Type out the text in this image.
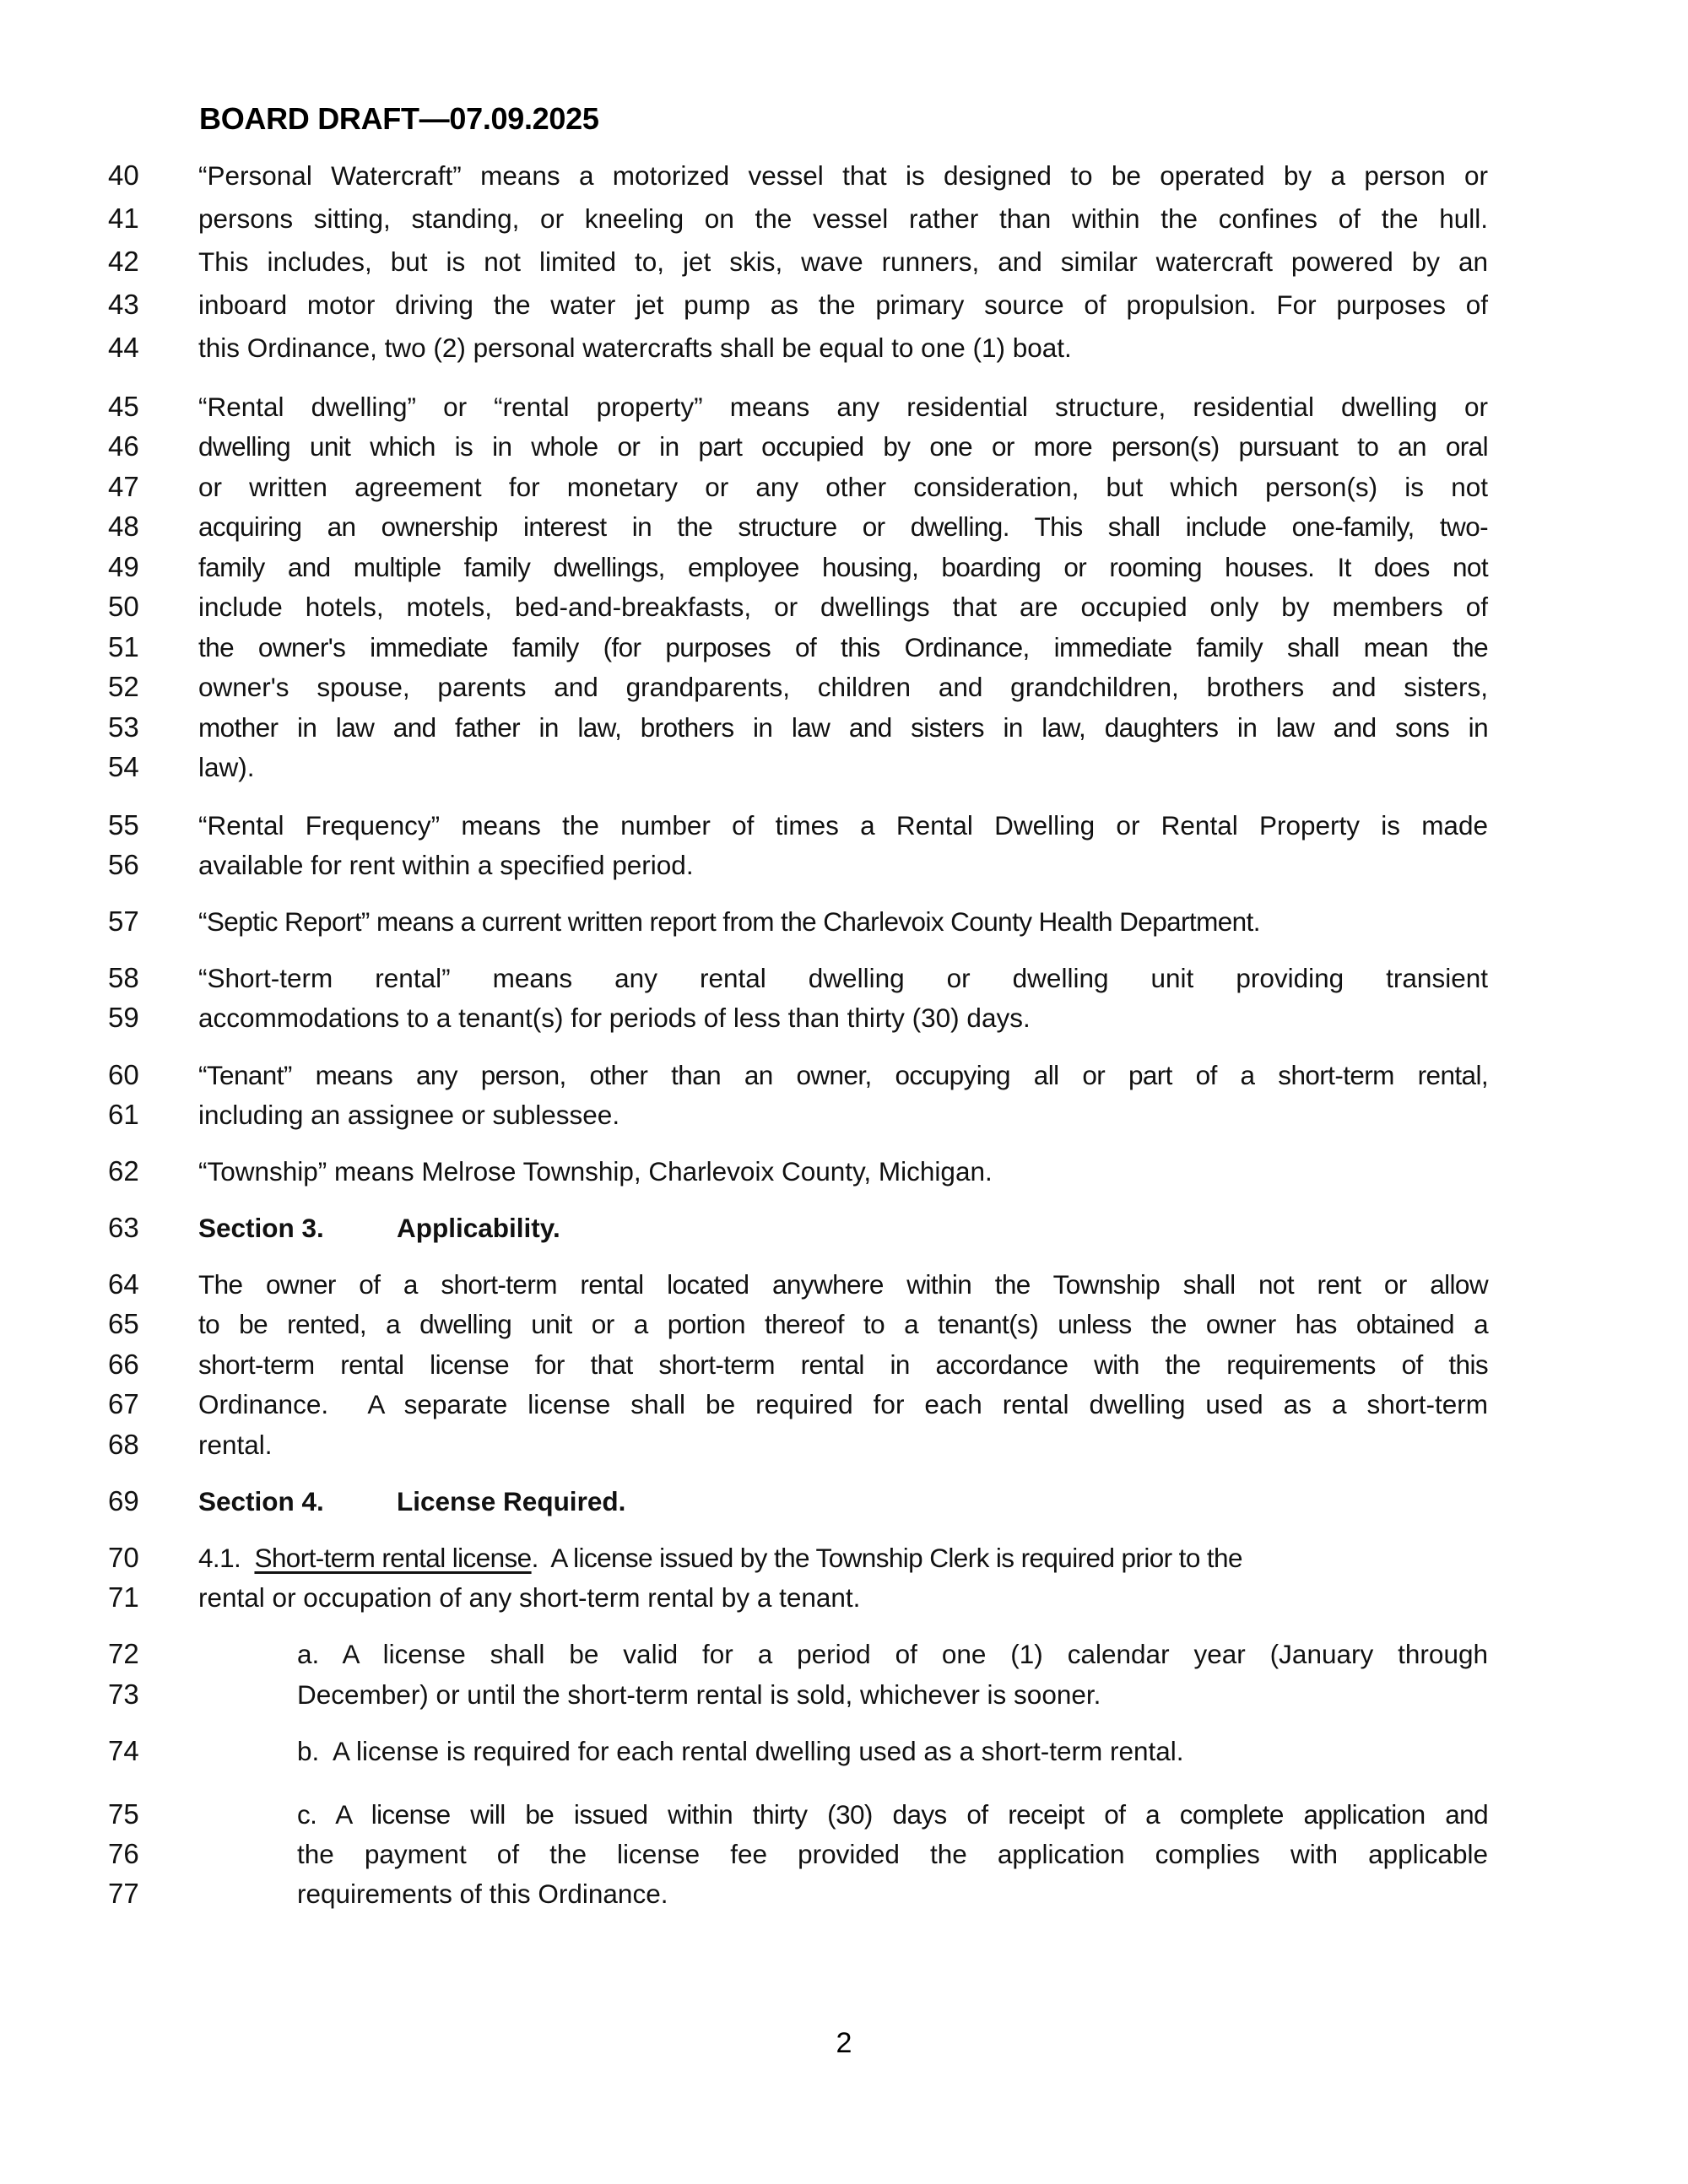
BOARD DRAFT—07.09.2025
40	“Personal Watercraft” means a motorized vessel that is designed to be operated by a person or
41	persons sitting, standing, or kneeling on the vessel rather than within the confines of the hull.
42	This includes, but is not limited to, jet skis, wave runners, and similar watercraft powered by an
43	inboard motor driving the water jet pump as the primary source of propulsion. For purposes of
44	this Ordinance, two (2) personal watercrafts shall be equal to one (1) boat.
45	“Rental dwelling” or “rental property” means any residential structure, residential dwelling or
46	dwelling unit which is in whole or in part occupied by one or more person(s) pursuant to an oral
47	or written agreement for monetary or any other consideration, but which person(s) is not
48	acquiring an ownership interest in the structure or dwelling. This shall include one-family, two-
49	family and multiple family dwellings, employee housing, boarding or rooming houses. It does not
50	include hotels, motels, bed-and-breakfasts, or dwellings that are occupied only by members of
51	the owner's immediate family (for purposes of this Ordinance, immediate family shall mean the
52	owner's spouse, parents and grandparents, children and grandchildren, brothers and sisters,
53	mother in law and father in law, brothers in law and sisters in law, daughters in law and sons in
54	law).
55	“Rental Frequency” means the number of times a Rental Dwelling or Rental Property is made
56	available for rent within a specified period.
57	“Septic Report” means a current written report from the Charlevoix County Health Department.
58	“Short-term rental” means any rental dwelling or dwelling unit providing transient
59	accommodations to a tenant(s) for periods of less than thirty (30) days.
60	“Tenant” means any person, other than an owner, occupying all or part of a short-term rental,
61	including an assignee or sublessee.
62	“Township” means Melrose Township, Charlevoix County, Michigan.
63	Section 3.	Applicability.
64	The owner of a short-term rental located anywhere within the Township shall not rent or allow
65	to be rented, a dwelling unit or a portion thereof to a tenant(s) unless the owner has obtained a
66	short-term rental license for that short-term rental in accordance with the requirements of this
67	Ordinance.  A separate license shall be required for each rental dwelling used as a short-term
68	rental.
69	Section 4.	License Required.
70	4.1. Short-term rental license.  A license issued by the Township Clerk is required prior to the
71	rental or occupation of any short-term rental by a tenant.
72	a. A license shall be valid for a period of one (1) calendar year (January through
73	December) or until the short-term rental is sold, whichever is sooner.
74	b.  A license is required for each rental dwelling used as a short-term rental.
75	c. A license will be issued within thirty (30) days of receipt of a complete application and
76	the payment of the license fee provided the application complies with applicable
77	requirements of this Ordinance.
2
